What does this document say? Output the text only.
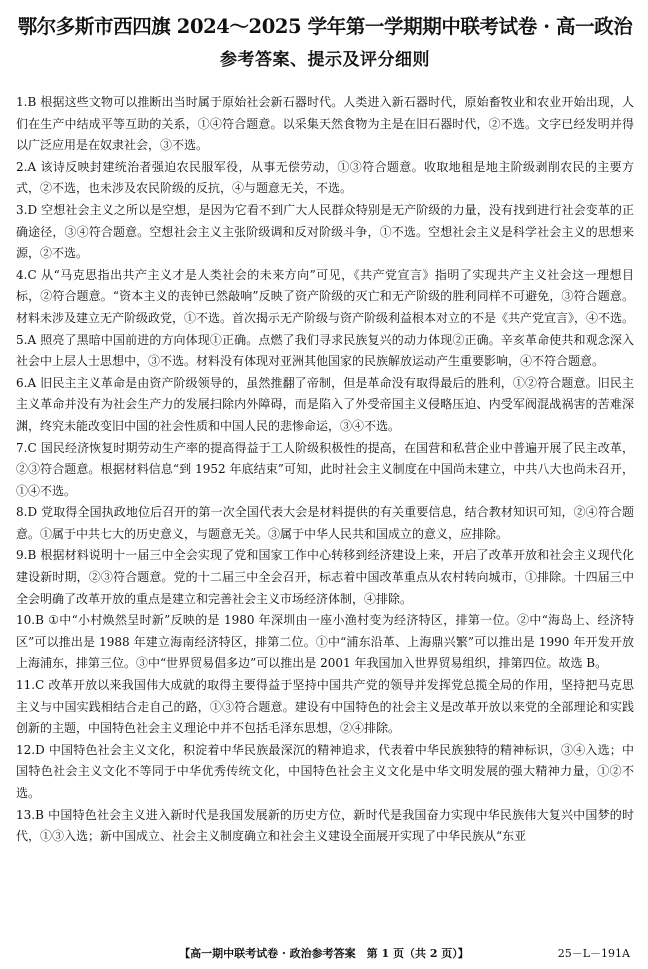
鄂尔多斯市西四旗 2024～2025 学年第一学期期中联考试卷 · 高一政治
参考答案、提示及评分细则

1.B 根据这些文物可以推断出当时属于原始社会新石器时代。人类进入新石器时代，原始畜牧业和农业开始出现，人们在生产中结成平等互助的关系，①④符合题意。以采集天然食物为主是在旧石器时代，②不选。文字已经发明并得以广泛应用是在奴隶社会，③不选。

2.A 该诗反映封建统治者强迫农民服军役，从事无偿劳动，①③符合题意。收取地租是地主阶级剥削农民的主要方式，②不选，也未涉及农民阶级的反抗，④与题意无关，不选。

3.D 空想社会主义之所以是空想，是因为它看不到广大人民群众特别是无产阶级的力量，没有找到进行社会变革的正确途径，③④符合题意。空想社会主义主张阶级调和反对阶级斗争，①不选。空想社会主义是科学社会主义的思想来源，②不选。

4.C 从“马克思指出共产主义才是人类社会的未来方向”可见，《共产党宣言》指明了实现共产主义社会这一理想目标，②符合题意。“资本主义的丧钟已然敲响”反映了资产阶级的灭亡和无产阶级的胜利同样不可避免，③符合题意。材料未涉及建立无产阶级政党，①不选。首次揭示无产阶级与资产阶级利益根本对立的不是《共产党宣言》，④不选。

5.A 照亮了黑暗中国前进的方向体现①正确。点燃了我们寻求民族复兴的动力体现②正确。辛亥革命使共和观念深入社会中上层人士思想中，③不选。材料没有体现对亚洲其他国家的民族解放运动产生重要影响，④不符合题意。

6.A 旧民主主义革命是由资产阶级领导的，虽然推翻了帝制，但是革命没有取得最后的胜利，①②符合题意。旧民主主义革命并没有为社会生产力的发展扫除内外障碍，而是陷入了外受帝国主义侵略压迫、内受军阀混战祸害的苦难深渊，终究未能改变旧中国的社会性质和中国人民的悲惨命运，③④不选。

7.C 国民经济恢复时期劳动生产率的提高得益于工人阶级积极性的提高，在国营和私营企业中普遍开展了民主改革，②③符合题意。根据材料信息“到 1952 年底结束”可知，此时社会主义制度在中国尚未建立，中共八大也尚未召开，①④不选。

8.D 党取得全国执政地位后召开的第一次全国代表大会是材料提供的有关重要信息，结合教材知识可知，②④符合题意。①属于中共七大的历史意义，与题意无关。③属于中华人民共和国成立的意义，应排除。

9.B 根据材料说明十一届三中全会实现了党和国家工作中心转移到经济建设上来，开启了改革开放和社会主义现代化建设新时期，②③符合题意。党的十二届三中全会召开，标志着中国改革重点从农村转向城市，①排除。十四届三中全会明确了改革开放的重点是建立和完善社会主义市场经济体制，④排除。

10.B ①中“小村焕然呈时新”反映的是 1980 年深圳由一座小渔村变为经济特区，排第一位。②中“海岛上、经济特区”可以推出是 1988 年建立海南经济特区，排第二位。①中“浦东沿革、上海鼎兴繁”可以推出是 1990 年开发开放上海浦东，排第三位。③中“世界贸易倡多边”可以推出是 2001 年我国加入世界贸易组织，排第四位。故选 B。

11.C 改革开放以来我国伟大成就的取得主要得益于坚持中国共产党的领导并发挥党总揽全局的作用，坚持把马克思主义与中国实践相结合走自己的路，①③符合题意。建设有中国特色的社会主义是改革开放以来党的全部理论和实践创新的主题，中国特色社会主义理论中并不包括毛泽东思想，②④排除。

12.D 中国特色社会主义文化，积淀着中华民族最深沉的精神追求，代表着中华民族独特的精神标识，③④入选；中国特色社会主义文化不等同于中华优秀传统文化，中国特色社会主义文化是中华文明发展的强大精神力量，①②不选。

13.B 中国特色社会主义进入新时代是我国发展新的历史方位，新时代是我国奋力实现中华民族伟大复兴中国梦的时代，①③入选；新中国成立、社会主义制度确立和社会主义建设全面展开实现了中华民族从“东亚

【高一期中联考试卷 · 政治参考答案　第 1 页（共 2 页）】	25－L－191A
